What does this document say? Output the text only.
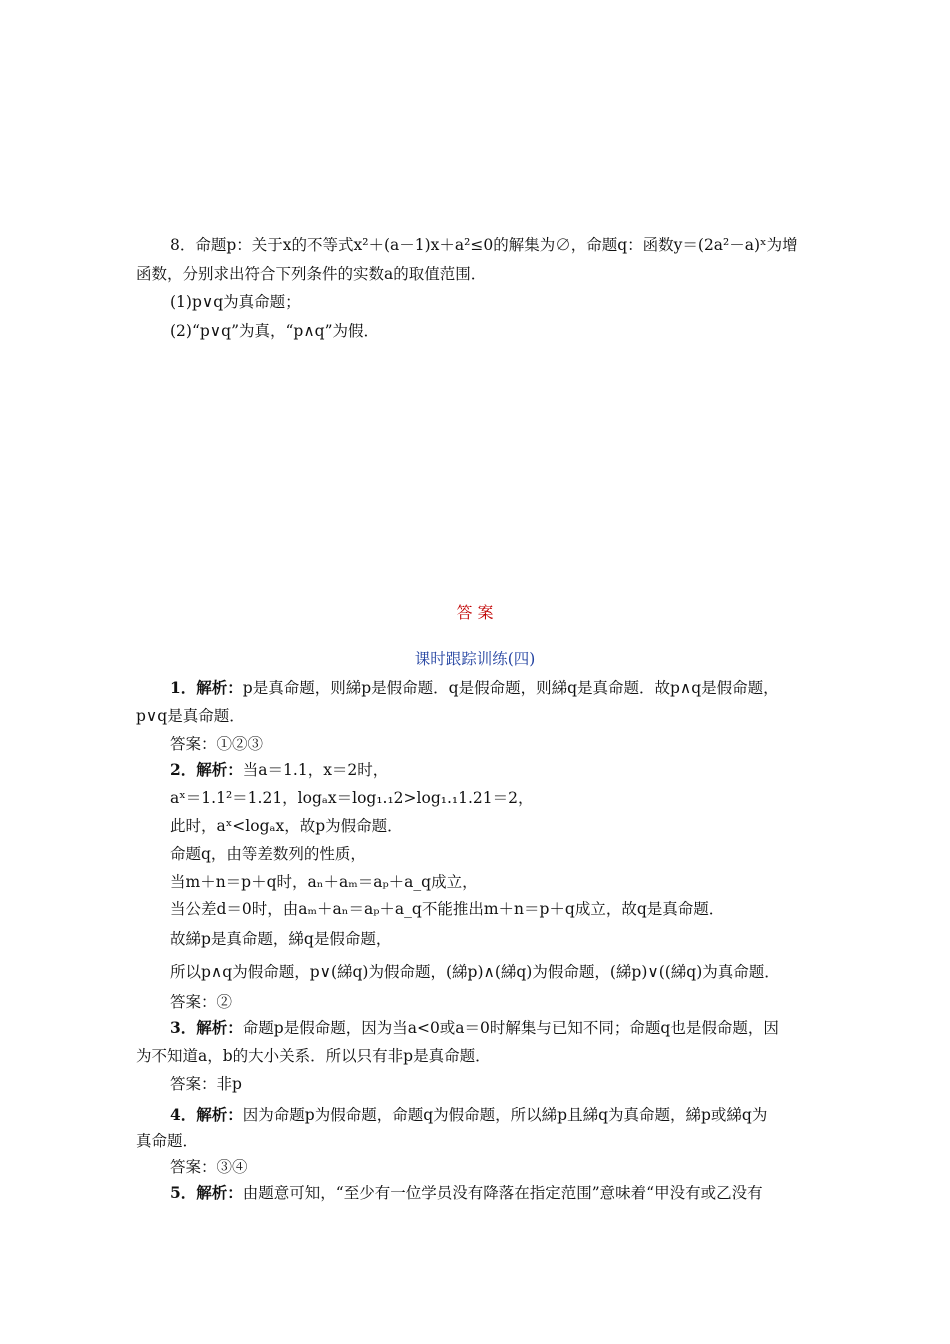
8．命题p：关于x的不等式x²＋(a－1)x＋a²≤0的解集为∅，命题q：函数y＝(2a²－a)ˣ为增
函数，分别求出符合下列条件的实数a的取值范围．
(1)p∨q为真命题；
(2)“p∨q”为真，“p∧q”为假．
答 案
课时跟踪训练(四)
1．解析：p是真命题，则綈p是假命题．q是假命题，则綈q是真命题．故p∧q是假命题，
p∨q是真命题．
答案：①②③
2．解析：当a＝1.1，x＝2时，
aˣ＝1.1²＝1.21，logₐx＝log₁.₁2>log₁.₁1.21＝2，
此时，aˣ<logₐx，故p为假命题．
命题q，由等差数列的性质，
当m＋n＝p＋q时，aₙ＋aₘ＝aₚ＋a_q成立，
当公差d＝0时，由aₘ＋aₙ＝aₚ＋a_q不能推出m＋n＝p＋q成立，故q是真命题．
故綈p是真命题，綈q是假命题，
所以p∧q为假命题，p∨(綈q)为假命题，(綈p)∧(綈q)为假命题，(綈p)∨((綈q)为真命题．
答案：②
3．解析：命题p是假命题，因为当a<0或a＝0时解集与已知不同；命题q也是假命题，因
为不知道a，b的大小关系．所以只有非p是真命题．
答案：非p
4．解析：因为命题p为假命题，命题q为假命题，所以綈p且綈q为真命题，綈p或綈q为
真命题．
答案：③④
5．解析：由题意可知，“至少有一位学员没有降落在指定范围”意味着“甲没有或乙没有
